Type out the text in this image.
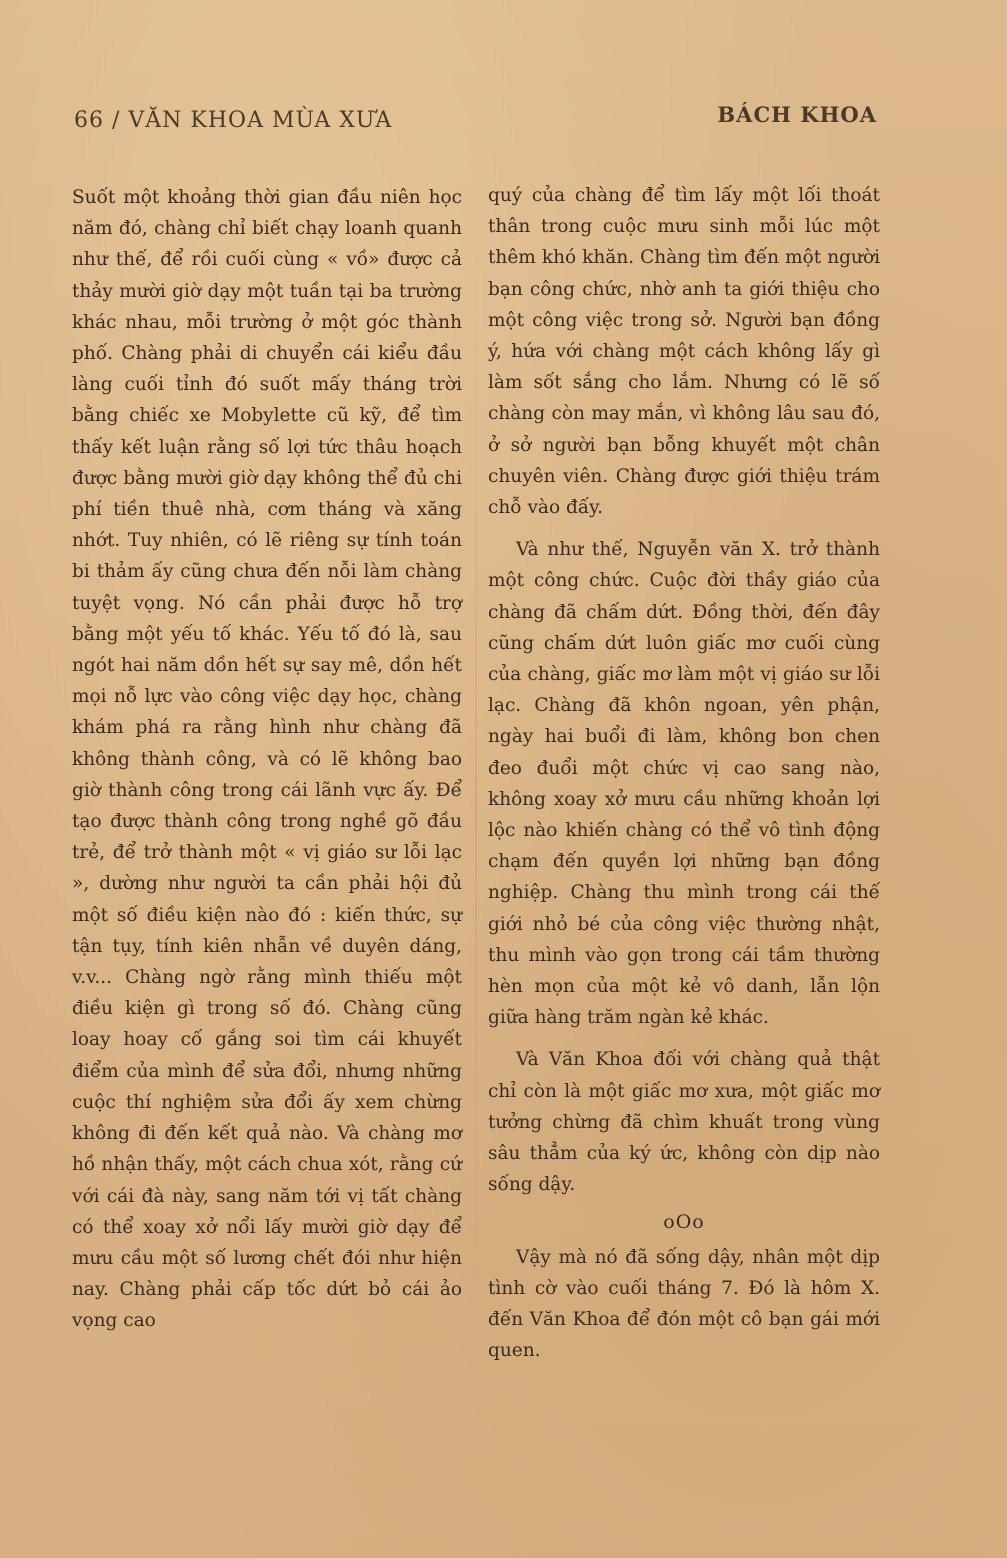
66 / VĂN KHOA MÙA XƯA	BÁCH KHOA

Suốt một khoảng thời gian đầu niên học năm đó, chàng chỉ biết chạy loanh quanh như thế, để rồi cuối cùng « vồ» được cả thảy mười giờ dạy một tuần tại ba trường khác nhau, mỗi trường ở một góc thành phố. Chàng phải di chuyển cái kiểu đầu làng cuối tỉnh đó suốt mấy tháng trời bằng chiếc xe Mobylette cũ kỹ, để tìm thấy kết luận rằng số lợi tức thâu hoạch được bằng mười giờ dạy không thể đủ chi phí tiền thuê nhà, cơm tháng và xăng nhớt. Tuy nhiên, có lẽ riêng sự tính toán bi thảm ấy cũng chưa đến nỗi làm chàng tuyệt vọng. Nó cần phải được hỗ trợ bằng một yếu tố khác. Yếu tố đó là, sau ngót hai năm dồn hết sự say mê, dồn hết mọi nỗ lực vào công việc dạy học, chàng khám phá ra rằng hình như chàng đã không thành công, và có lẽ không bao giờ thành công trong cái lãnh vực ấy. Để tạo được thành công trong nghề gõ đầu trẻ, để trở thành một « vị giáo sư lỗi lạc », dường như người ta cần phải hội đủ một số điều kiện nào đó : kiến thức, sự tận tụy, tính kiên nhẫn về duyên dáng, v.v... Chàng ngờ rằng mình thiếu một điều kiện gì trong số đó. Chàng cũng loay hoay cố gắng soi tìm cái khuyết điểm của mình để sửa đổi, nhưng những cuộc thí nghiệm sửa đổi ấy xem chừng không đi đến kết quả nào. Và chàng mơ hồ nhận thấy, một cách chua xót, rằng cứ với cái đà này, sang năm tới vị tất chàng có thể xoay xở nổi lấy mười giờ dạy để mưu cầu một số lương chết đói như hiện nay. Chàng phải cấp tốc dứt bỏ cái ảo vọng cao

quý của chàng để tìm lấy một lối thoát thân trong cuộc mưu sinh mỗi lúc một thêm khó khăn. Chàng tìm đến một người bạn công chức, nhờ anh ta giới thiệu cho một công việc trong sở. Người bạn đồng ý, hứa với chàng một cách không lấy gì làm sốt sắng cho lắm. Nhưng có lẽ số chàng còn may mắn, vì không lâu sau đó, ở sở người bạn bỗng khuyết một chân chuyên viên. Chàng được giới thiệu trám chỗ vào đấy.

Và như thế, Nguyễn văn X. trở thành một công chức. Cuộc đời thầy giáo của chàng đã chấm dứt. Đồng thời, đến đây cũng chấm dứt luôn giấc mơ cuối cùng của chàng, giấc mơ làm một vị giáo sư lỗi lạc. Chàng đã khôn ngoan, yên phận, ngày hai buổi đi làm, không bon chen đeo đuổi một chức vị cao sang nào, không xoay xở mưu cầu những khoản lợi lộc nào khiến chàng có thể vô tình động chạm đến quyền lợi những bạn đồng nghiệp. Chàng thu mình trong cái thế giới nhỏ bé của công việc thường nhật, thu mình vào gọn trong cái tầm thường hèn mọn của một kẻ vô danh, lẫn lộn giữa hàng trăm ngàn kẻ khác.

Và Văn Khoa đối với chàng quả thật chỉ còn là một giấc mơ xưa, một giấc mơ tưởng chừng đã chìm khuất trong vùng sâu thẳm của ký ức, không còn dịp nào sống dậy.

oOo

Vậy mà nó đã sống dậy, nhân một dịp tình cờ vào cuối tháng 7. Đó là hôm X. đến Văn Khoa để đón một cô bạn gái mới quen.
